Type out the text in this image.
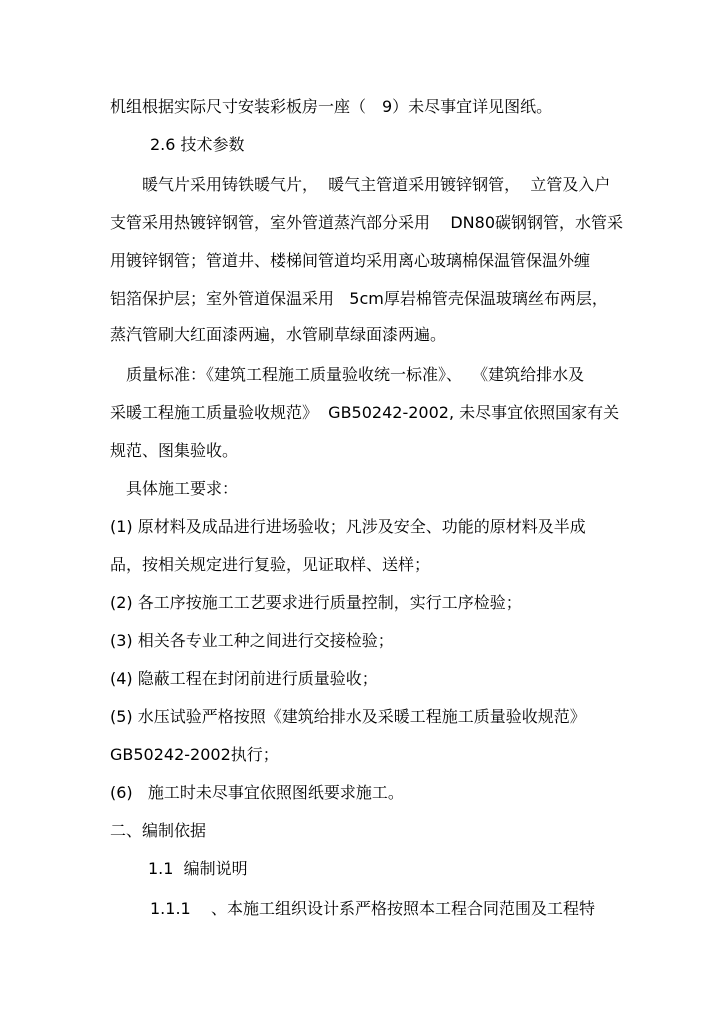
机组根据实际尺寸安装彩板房一座（　9）未尽事宜详见图纸。

2.6 技术参数

暖气片采用铸铁暖气片，  暖气主管道采用镀锌钢管，  立管及入户

支管采用热镀锌钢管，室外管道蒸汽部分采用    DN80碳钢钢管，水管采

用镀锌钢管；管道井、楼梯间管道均采用离心玻璃棉保温管保温外缠

铝箔保护层；室外管道保温采用   5cm厚岩棉管壳保温玻璃丝布两层，

蒸汽管刷大红面漆两遍，水管刷草绿面漆两遍。

质量标准：《建筑工程施工质量验收统一标准》、  《建筑给排水及

采暖工程施工质量验收规范》  GB50242-2002, 未尽事宜依照国家有关

规范、图集验收。

具体施工要求：

(1) 原材料及成品进行进场验收；凡涉及安全、功能的原材料及半成

品，按相关规定进行复验，见证取样、送样；

(2) 各工序按施工工艺要求进行质量控制，实行工序检验；

(3) 相关各专业工种之间进行交接检验；

(4) 隐蔽工程在封闭前进行质量验收；

(5) 水压试验严格按照《建筑给排水及采暖工程施工质量验收规范》

GB50242-2002执行；

(6)   施工时未尽事宜依照图纸要求施工。

二、编制依据

1.1  编制说明

1.1.1    、本施工组织设计系严格按照本工程合同范围及工程特
